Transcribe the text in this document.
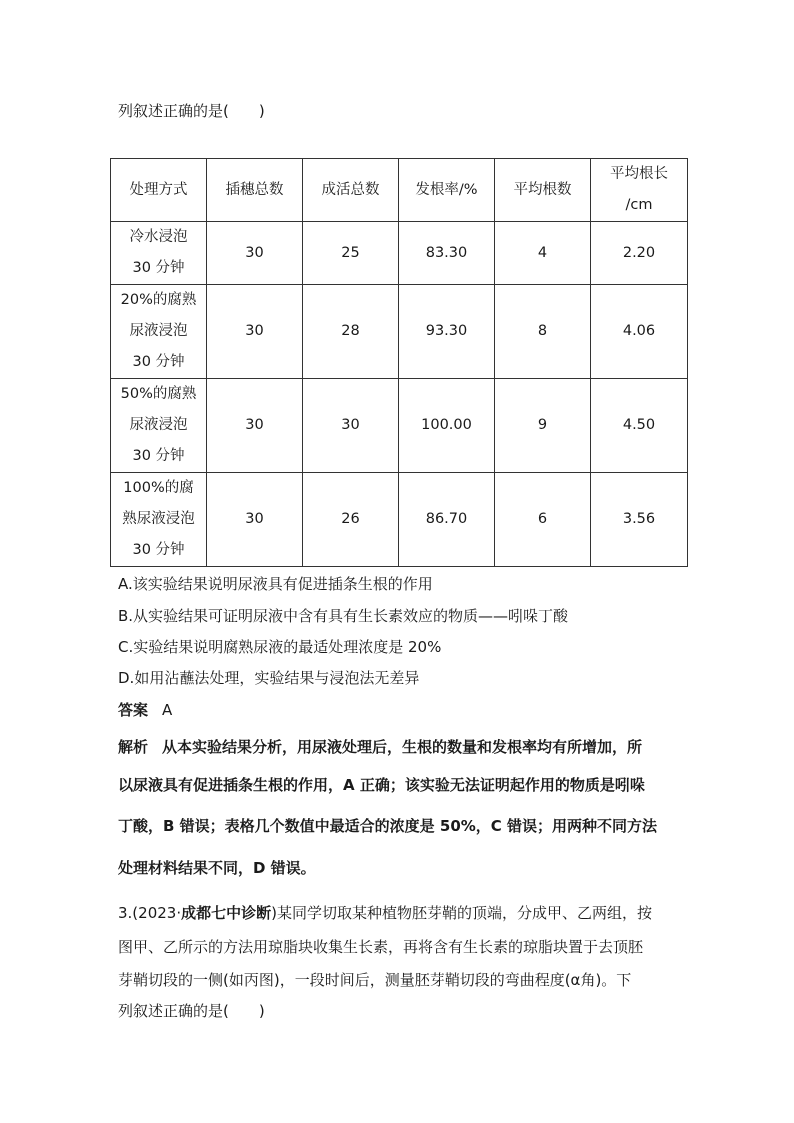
列叙述正确的是(　　)
处理方式	插穗总数	成活总数	发根率/%	平均根数	平均根长
/cm

冷水浸泡
30 分钟	30	25	83.30	4	2.20

20%的腐熟
尿液浸泡
30 分钟	30	28	93.30	8	4.06

50%的腐熟
尿液浸泡
30 分钟	30	30	100.00	9	4.50

100%的腐
熟尿液浸泡
30 分钟	30	26	86.70	6	3.56
A.该实验结果说明尿液具有促进插条生根的作用
B.从实验结果可证明尿液中含有具有生长素效应的物质——吲哚丁酸
C.实验结果说明腐熟尿液的最适处理浓度是 20%
D.如用沾蘸法处理，实验结果与浸泡法无差异
答案 A
解析 从本实验结果分析，用尿液处理后，生根的数量和发根率均有所增加，所
以尿液具有促进插条生根的作用，A 正确；该实验无法证明起作用的物质是吲哚
丁酸，B 错误；表格几个数值中最适合的浓度是 50%，C 错误；用两种不同方法
处理材料结果不同，D 错误。
3.(2023·成都七中诊断)某同学切取某种植物胚芽鞘的顶端，分成甲、乙两组，按
图甲、乙所示的方法用琼脂块收集生长素，再将含有生长素的琼脂块置于去顶胚
芽鞘切段的一侧(如丙图)，一段时间后，测量胚芽鞘切段的弯曲程度(α角)。下
列叙述正确的是(　　)
